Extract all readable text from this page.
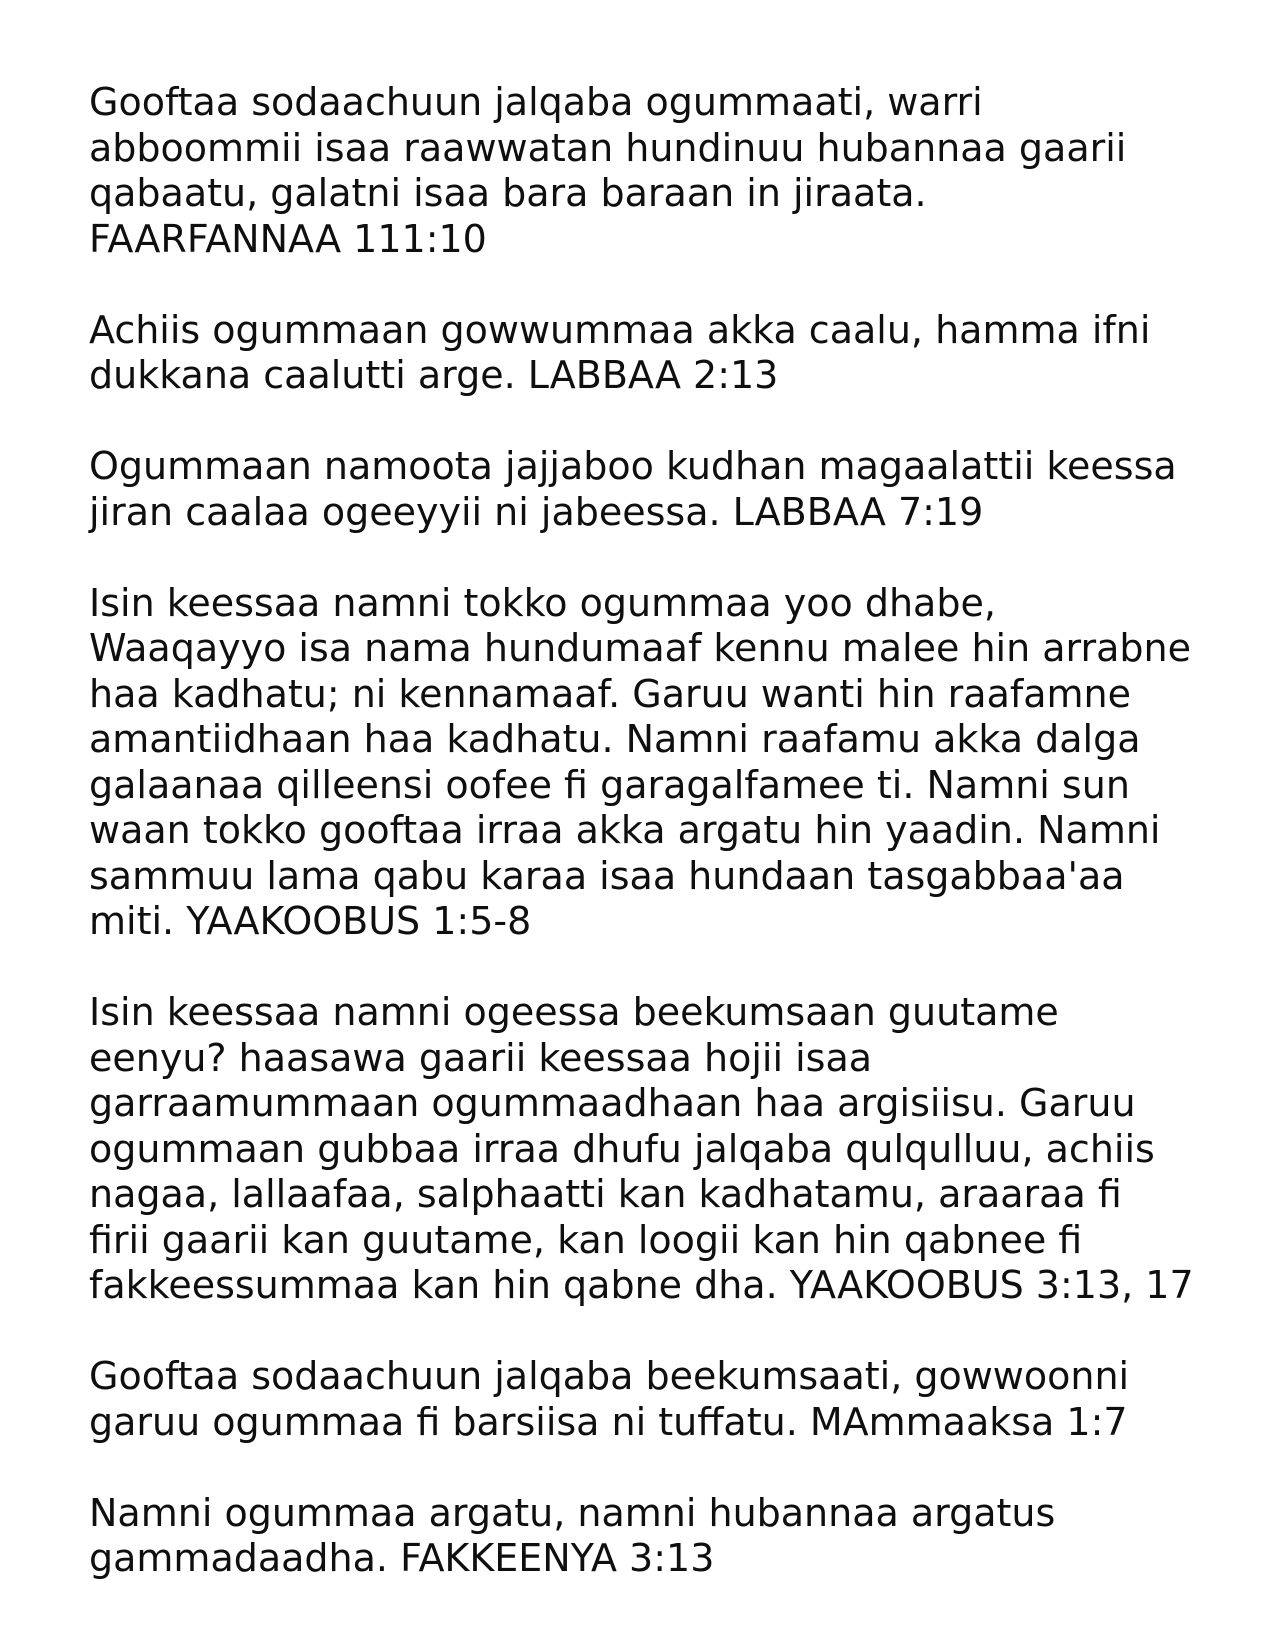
Gooftaa sodaachuun jalqaba ogummaati, warri
abboommii isaa raawwatan hundinuu hubannaa gaarii
qabaatu, galatni isaa bara baraan in jiraata.
FAARFANNAA 111:10

Achiis ogummaan gowwummaa akka caalu, hamma ifni
dukkana caalutti arge. LABBAA 2:13

Ogummaan namoota jajjaboo kudhan magaalattii keessa
jiran caalaa ogeeyyii ni jabeessa. LABBAA 7:19

Isin keessaa namni tokko ogummaa yoo dhabe,
Waaqayyo isa nama hundumaaf kennu malee hin arrabne
haa kadhatu; ni kennamaaf. Garuu wanti hin raafamne
amantiidhaan haa kadhatu. Namni raafamu akka dalga
galaanaa qilleensi oofee fi garagalfamee ti. Namni sun
waan tokko gooftaa irraa akka argatu hin yaadin. Namni
sammuu lama qabu karaa isaa hundaan tasgabbaa'aa
miti. YAAKOOBUS 1:5-8

Isin keessaa namni ogeessa beekumsaan guutame
eenyu? haasawa gaarii keessaa hojii isaa
garraamummaan ogummaadhaan haa argisiisu. Garuu
ogummaan gubbaa irraa dhufu jalqaba qulqulluu, achiis
nagaa, lallaafaa, salphaatti kan kadhatamu, araaraa fi
firii gaarii kan guutame, kan loogii kan hin qabnee fi
fakkeessummaa kan hin qabne dha. YAAKOOBUS 3:13, 17

Gooftaa sodaachuun jalqaba beekumsaati, gowwoonni
garuu ogummaa fi barsiisa ni tuffatu. MAmmaaksa 1:7

Namni ogummaa argatu, namni hubannaa argatus
gammadaadha. FAKKEENYA 3:13
